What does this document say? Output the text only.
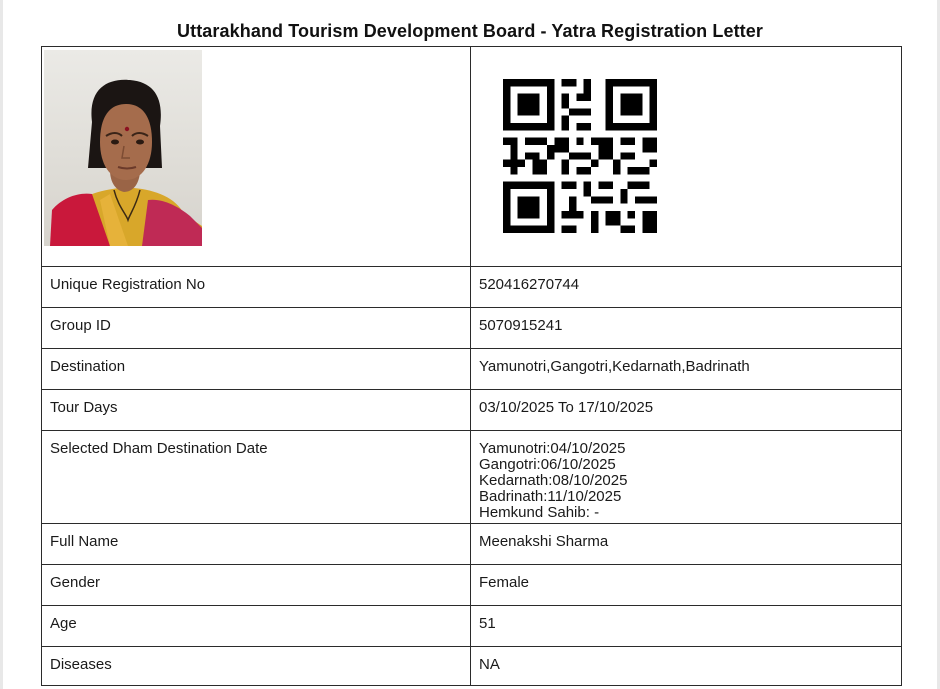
Uttarakhand Tourism Development Board - Yatra Registration Letter

Unique Registration No	520416270744

Group ID	5070915241

Destination	Yamunotri,Gangotri,Kedarnath,Badrinath

Tour Days	03/10/2025 To 17/10/2025

Selected Dham Destination Date	Yamunotri:04/10/2025
Gangotri:06/10/2025
Kedarnath:08/10/2025
Badrinath:11/10/2025
Hemkund Sahib: -

Full Name	Meenakshi Sharma

Gender	Female

Age	51

Diseases	NA
